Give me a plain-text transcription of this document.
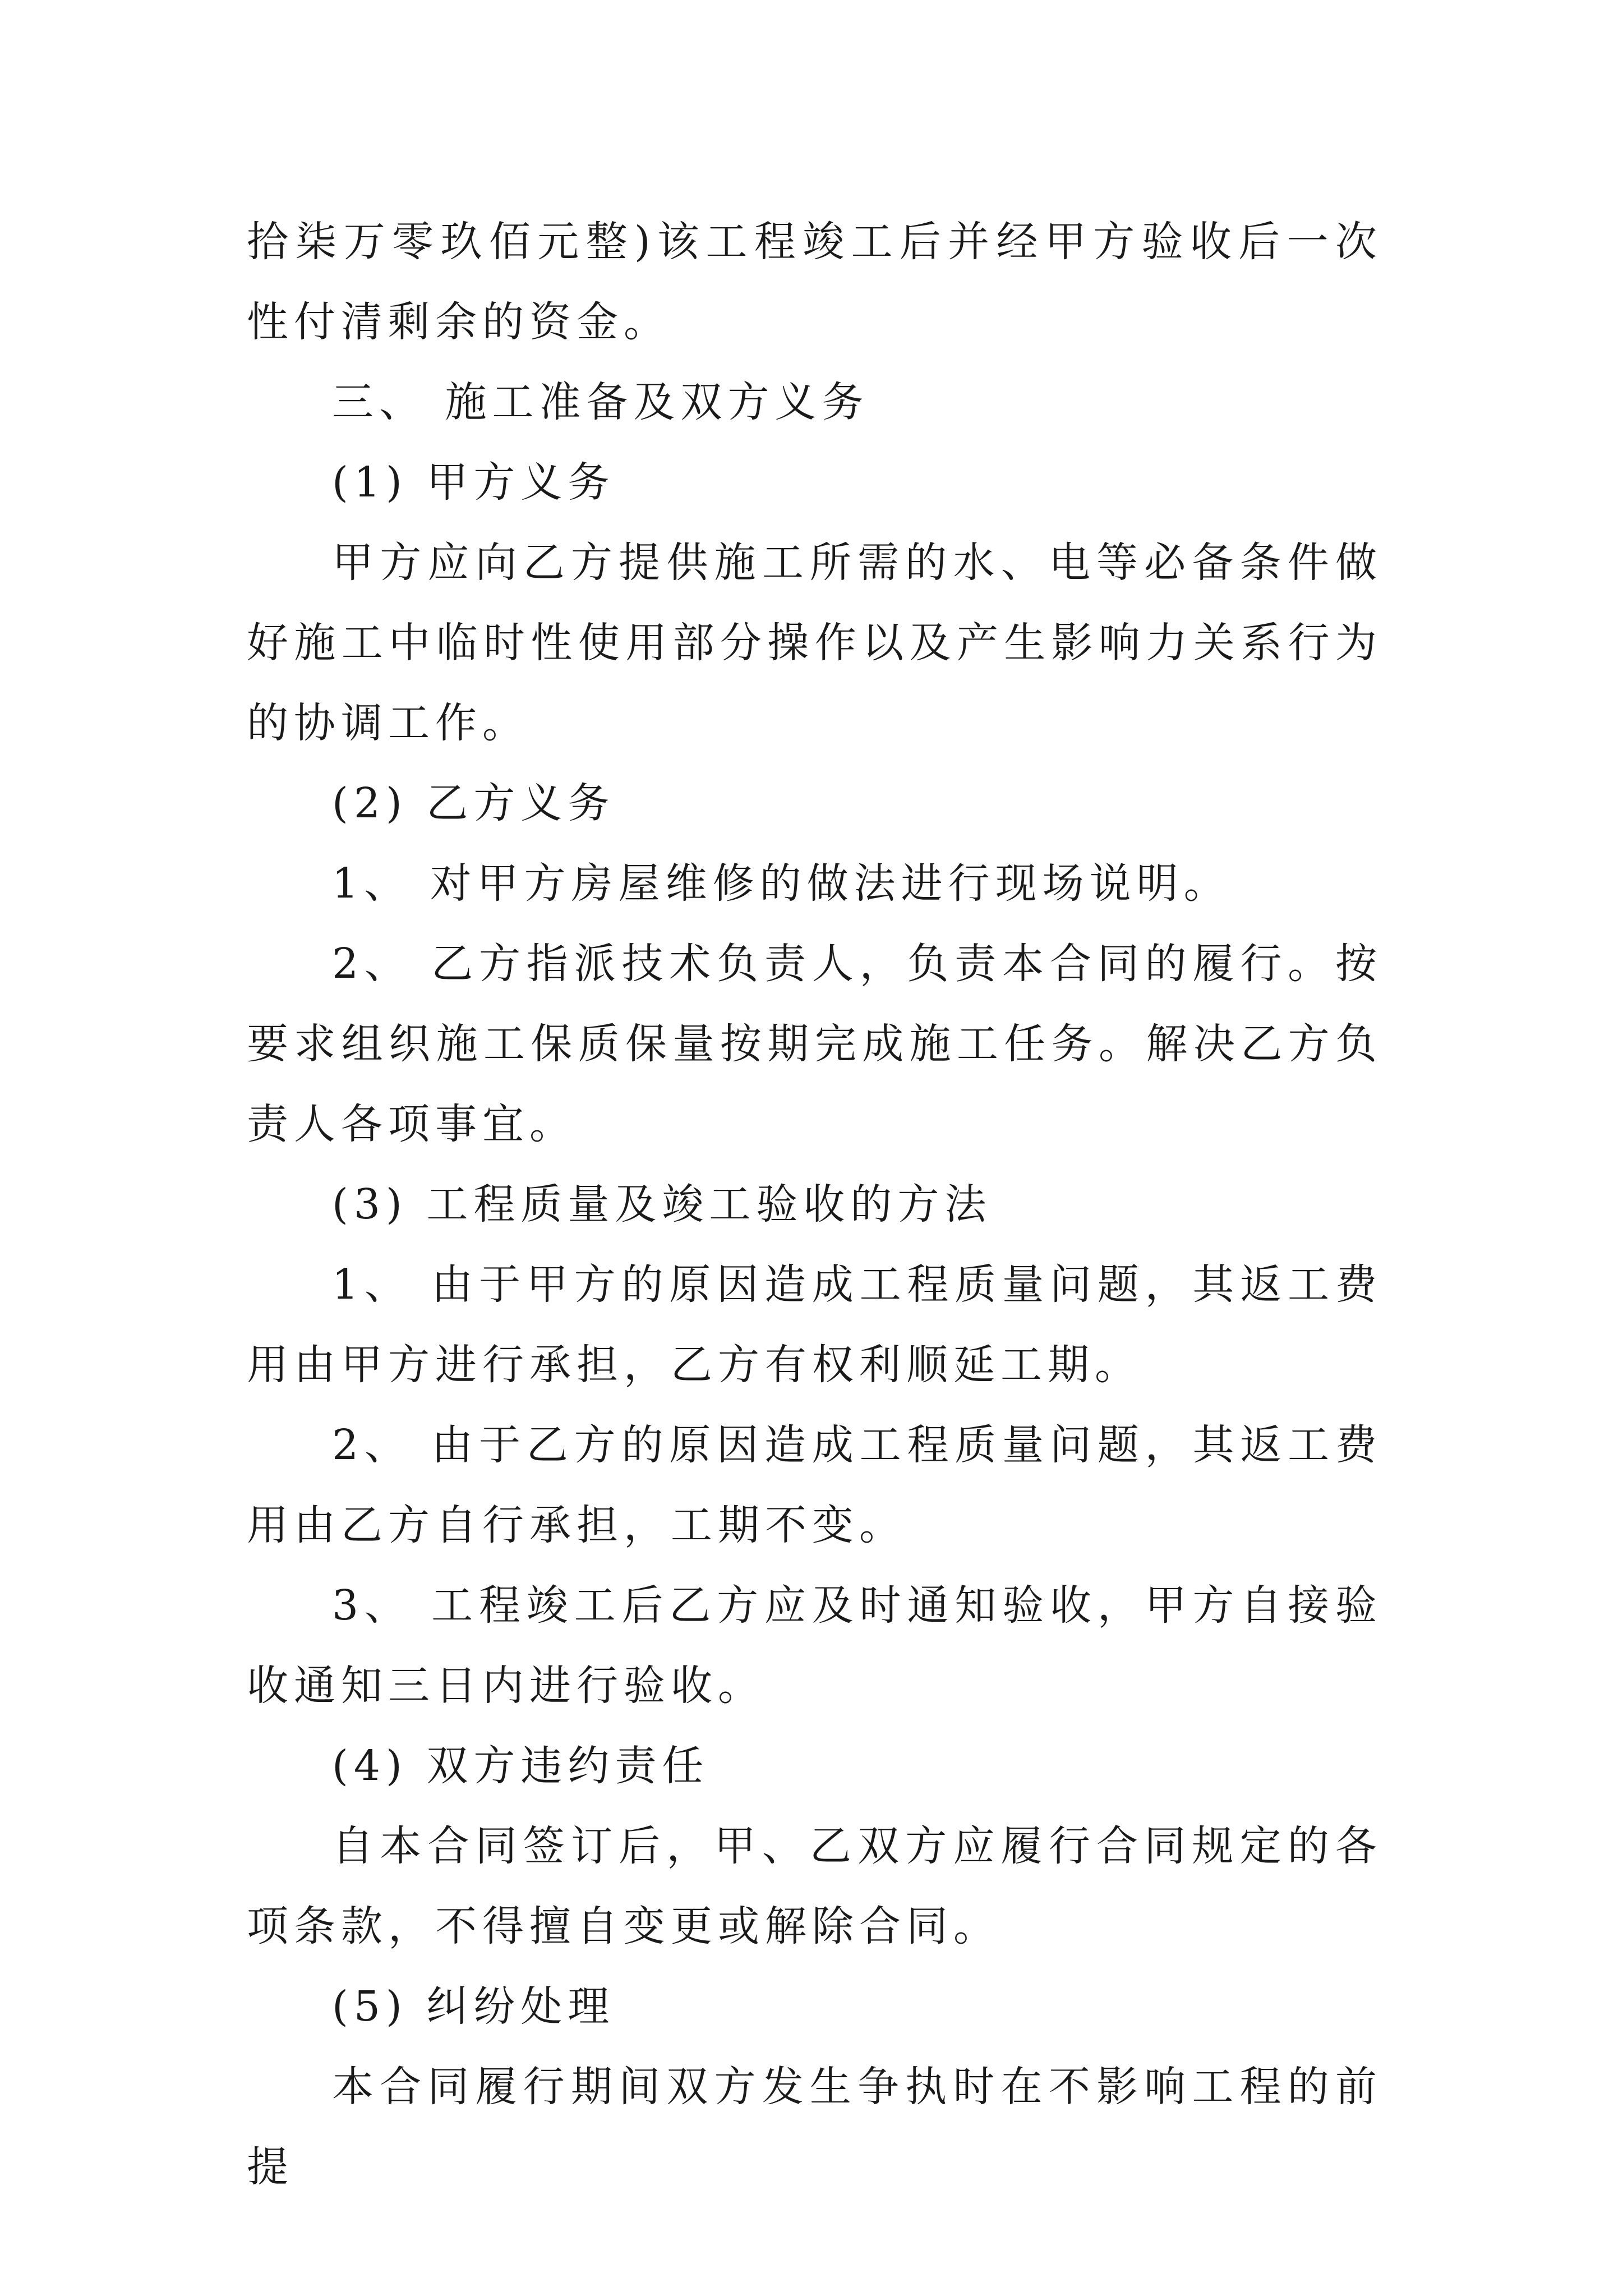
拾柒万零玖佰元整)该工程竣工后并经甲方验收后一次性付清剩余的资金。

三、 施工准备及双方义务

(1) 甲方义务

甲方应向乙方提供施工所需的水、电等必备条件做好施工中临时性使用部分操作以及产生影响力关系行为的协调工作。

(2) 乙方义务

1、 对甲方房屋维修的做法进行现场说明。

2、 乙方指派技术负责人，负责本合同的履行。按要求组织施工保质保量按期完成施工任务。解决乙方负责人各项事宜。

(3) 工程质量及竣工验收的方法

1、 由于甲方的原因造成工程质量问题，其返工费用由甲方进行承担，乙方有权利顺延工期。

2、 由于乙方的原因造成工程质量问题，其返工费用由乙方自行承担，工期不变。

3、 工程竣工后乙方应及时通知验收，甲方自接验收通知三日内进行验收。

(4) 双方违约责任

自本合同签订后，甲、乙双方应履行合同规定的各项条款，不得擅自变更或解除合同。

(5) 纠纷处理

本合同履行期间双方发生争执时在不影响工程的前提
